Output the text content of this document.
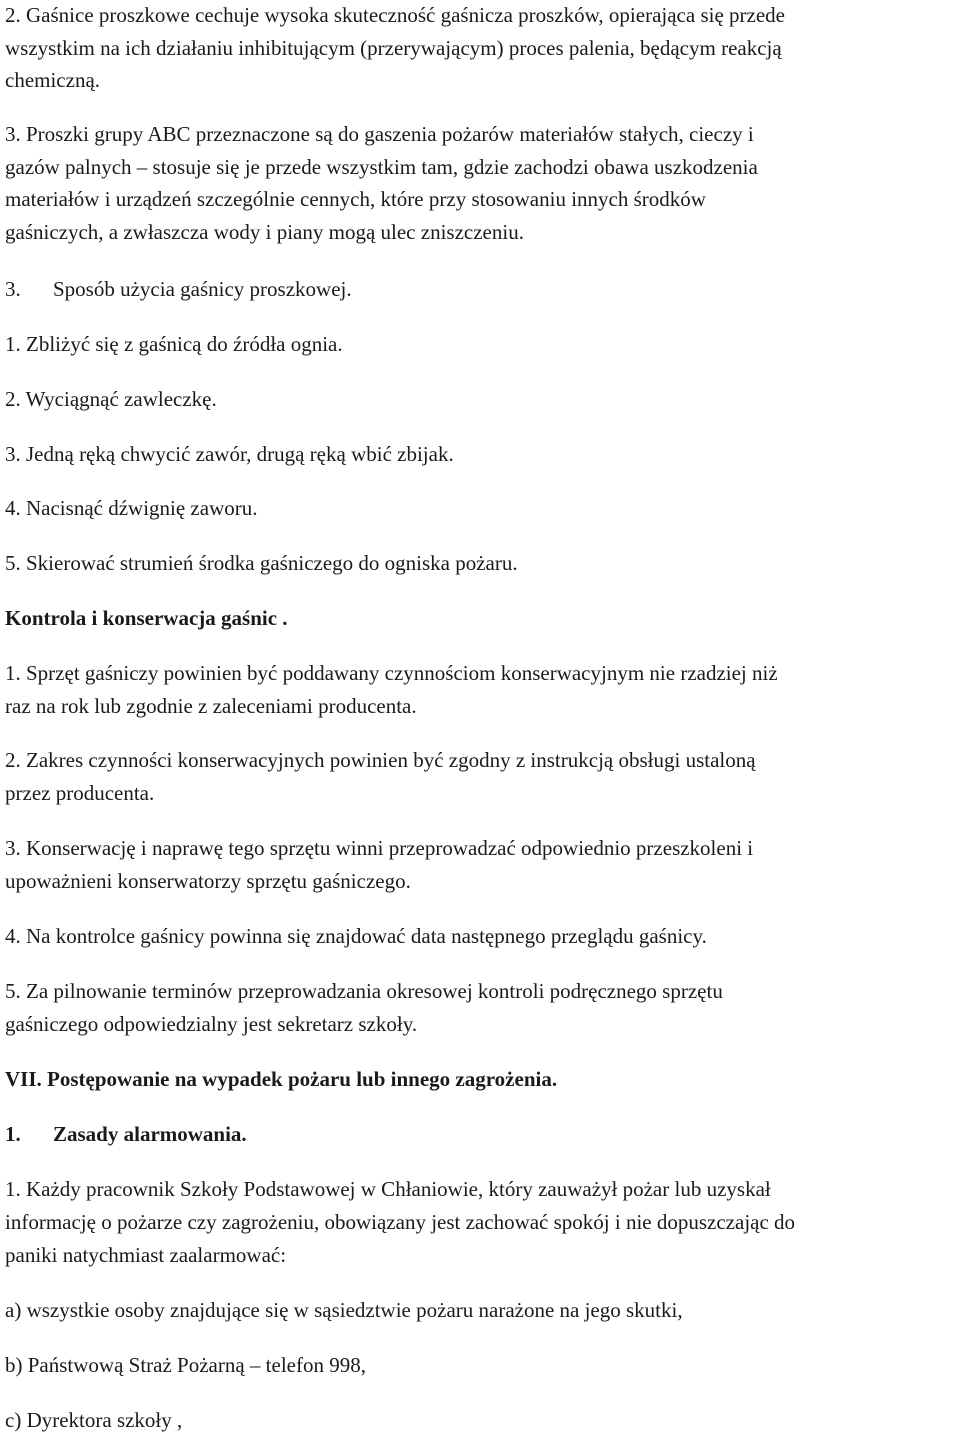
2. Gaśnice proszkowe cechuje wysoka skuteczność gaśnicza proszków, opierająca się przede
wszystkim na ich działaniu inhibitującym (przerywającym) proces palenia, będącym reakcją
chemiczną.
3. Proszki grupy ABC przeznaczone są do gaszenia pożarów materiałów stałych, cieczy i
gazów palnych – stosuje się je przede wszystkim tam, gdzie zachodzi obawa uszkodzenia
materiałów i urządzeń szczególnie cennych, które przy stosowaniu innych środków
gaśniczych, a zwłaszcza wody i piany mogą ulec zniszczeniu.
3. Sposób użycia gaśnicy proszkowej.
1. Zbliżyć się z gaśnicą do źródła ognia.
2. Wyciągnąć zawleczkę.
3. Jedną ręką chwycić zawór, drugą ręką wbić zbijak.
4. Nacisnąć dźwignię zaworu.
5. Skierować strumień środka gaśniczego do ogniska pożaru.
Kontrola i konserwacja gaśnic .
1. Sprzęt gaśniczy powinien być poddawany czynnościom konserwacyjnym nie rzadziej niż
raz na rok lub zgodnie z zaleceniami producenta.
2. Zakres czynności konserwacyjnych powinien być zgodny z instrukcją obsługi ustaloną
przez producenta.
3. Konserwację i naprawę tego sprzętu winni przeprowadzać odpowiednio przeszkoleni i
upoważnieni konserwatorzy sprzętu gaśniczego.
4. Na kontrolce gaśnicy powinna się znajdować data następnego przeglądu gaśnicy.
5. Za pilnowanie terminów przeprowadzania okresowej kontroli podręcznego sprzętu
gaśniczego odpowiedzialny jest sekretarz szkoły.
VII. Postępowanie na wypadek pożaru lub innego zagrożenia.
1. Zasady alarmowania.
1. Każdy pracownik Szkoły Podstawowej w Chłaniowie, który zauważył pożar lub uzyskał
informację o pożarze czy zagrożeniu, obowiązany jest zachować spokój i nie dopuszczając do
paniki natychmiast zaalarmować:
a) wszystkie osoby znajdujące się w sąsiedztwie pożaru narażone na jego skutki,
b) Państwową Straż Pożarną – telefon 998,
c) Dyrektora szkoły ,
